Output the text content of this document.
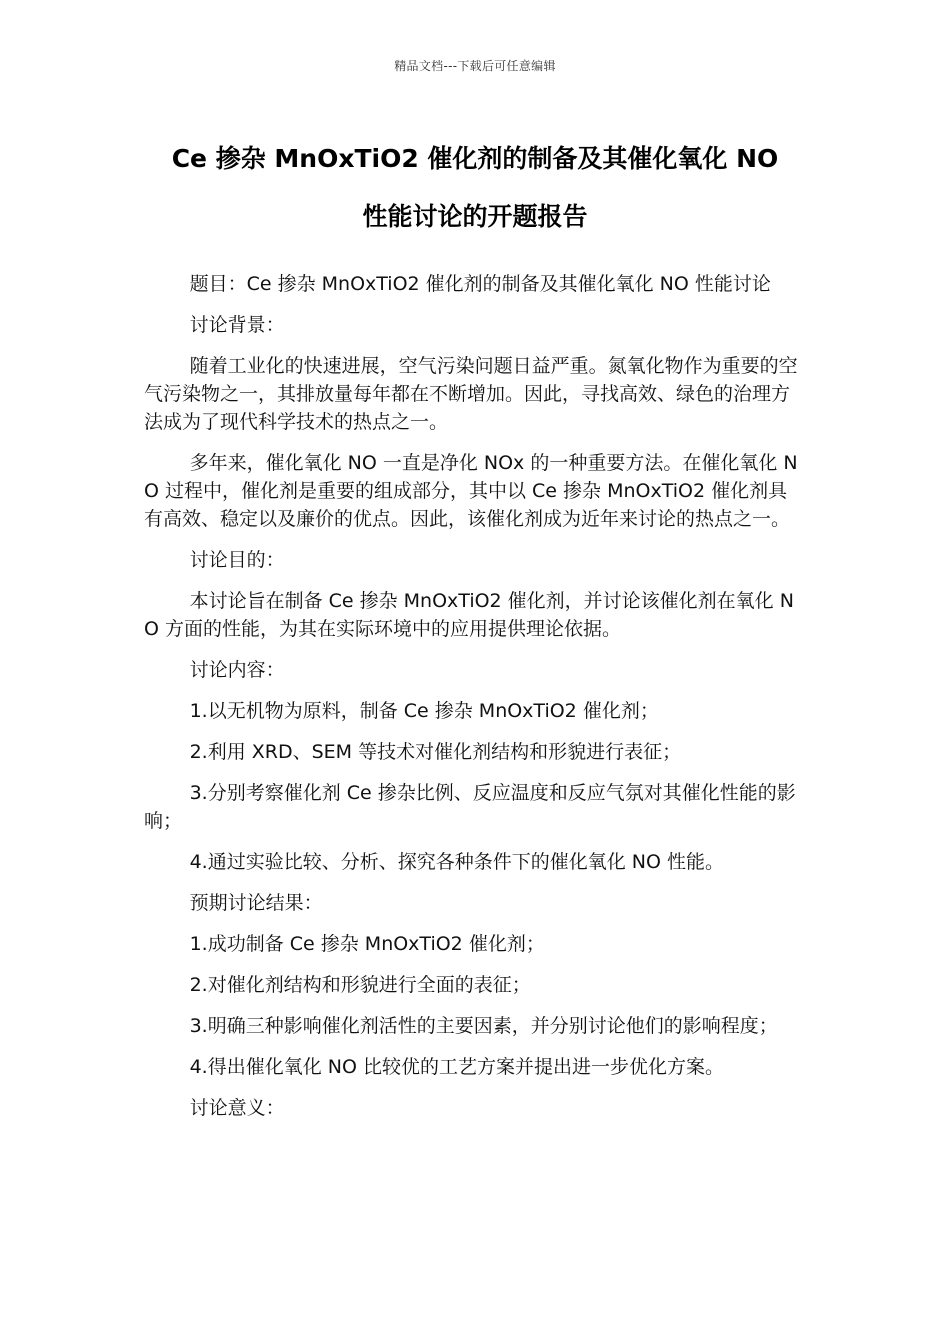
精品文档---下载后可任意编辑
Ce 掺杂 MnOxTiO2 催化剂的制备及其催化氧化 NO
性能讨论的开题报告

题目：Ce 掺杂 MnOxTiO2 催化剂的制备及其催化氧化 NO 性能讨论

讨论背景：

随着工业化的快速进展，空气污染问题日益严重。氮氧化物作为重要的空气污染物之一，其排放量每年都在不断增加。因此，寻找高效、绿色的治理方法成为了现代科学技术的热点之一。

多年来，催化氧化 NO 一直是净化 NOx 的一种重要方法。在催化氧化 NO 过程中，催化剂是重要的组成部分，其中以 Ce 掺杂 MnOxTiO2 催化剂具有高效、稳定以及廉价的优点。因此，该催化剂成为近年来讨论的热点之一。

讨论目的：

本讨论旨在制备 Ce 掺杂 MnOxTiO2 催化剂，并讨论该催化剂在氧化 NO 方面的性能，为其在实际环境中的应用提供理论依据。

讨论内容：

1.以无机物为原料，制备 Ce 掺杂 MnOxTiO2 催化剂；

2.利用 XRD、SEM 等技术对催化剂结构和形貌进行表征；

3.分别考察催化剂 Ce 掺杂比例、反应温度和反应气氛对其催化性能的影响；

4.通过实验比较、分析、探究各种条件下的催化氧化 NO 性能。

预期讨论结果：

1.成功制备 Ce 掺杂 MnOxTiO2 催化剂；

2.对催化剂结构和形貌进行全面的表征；

3.明确三种影响催化剂活性的主要因素，并分别讨论他们的影响程度；

4.得出催化氧化 NO 比较优的工艺方案并提出进一步优化方案。

讨论意义：
